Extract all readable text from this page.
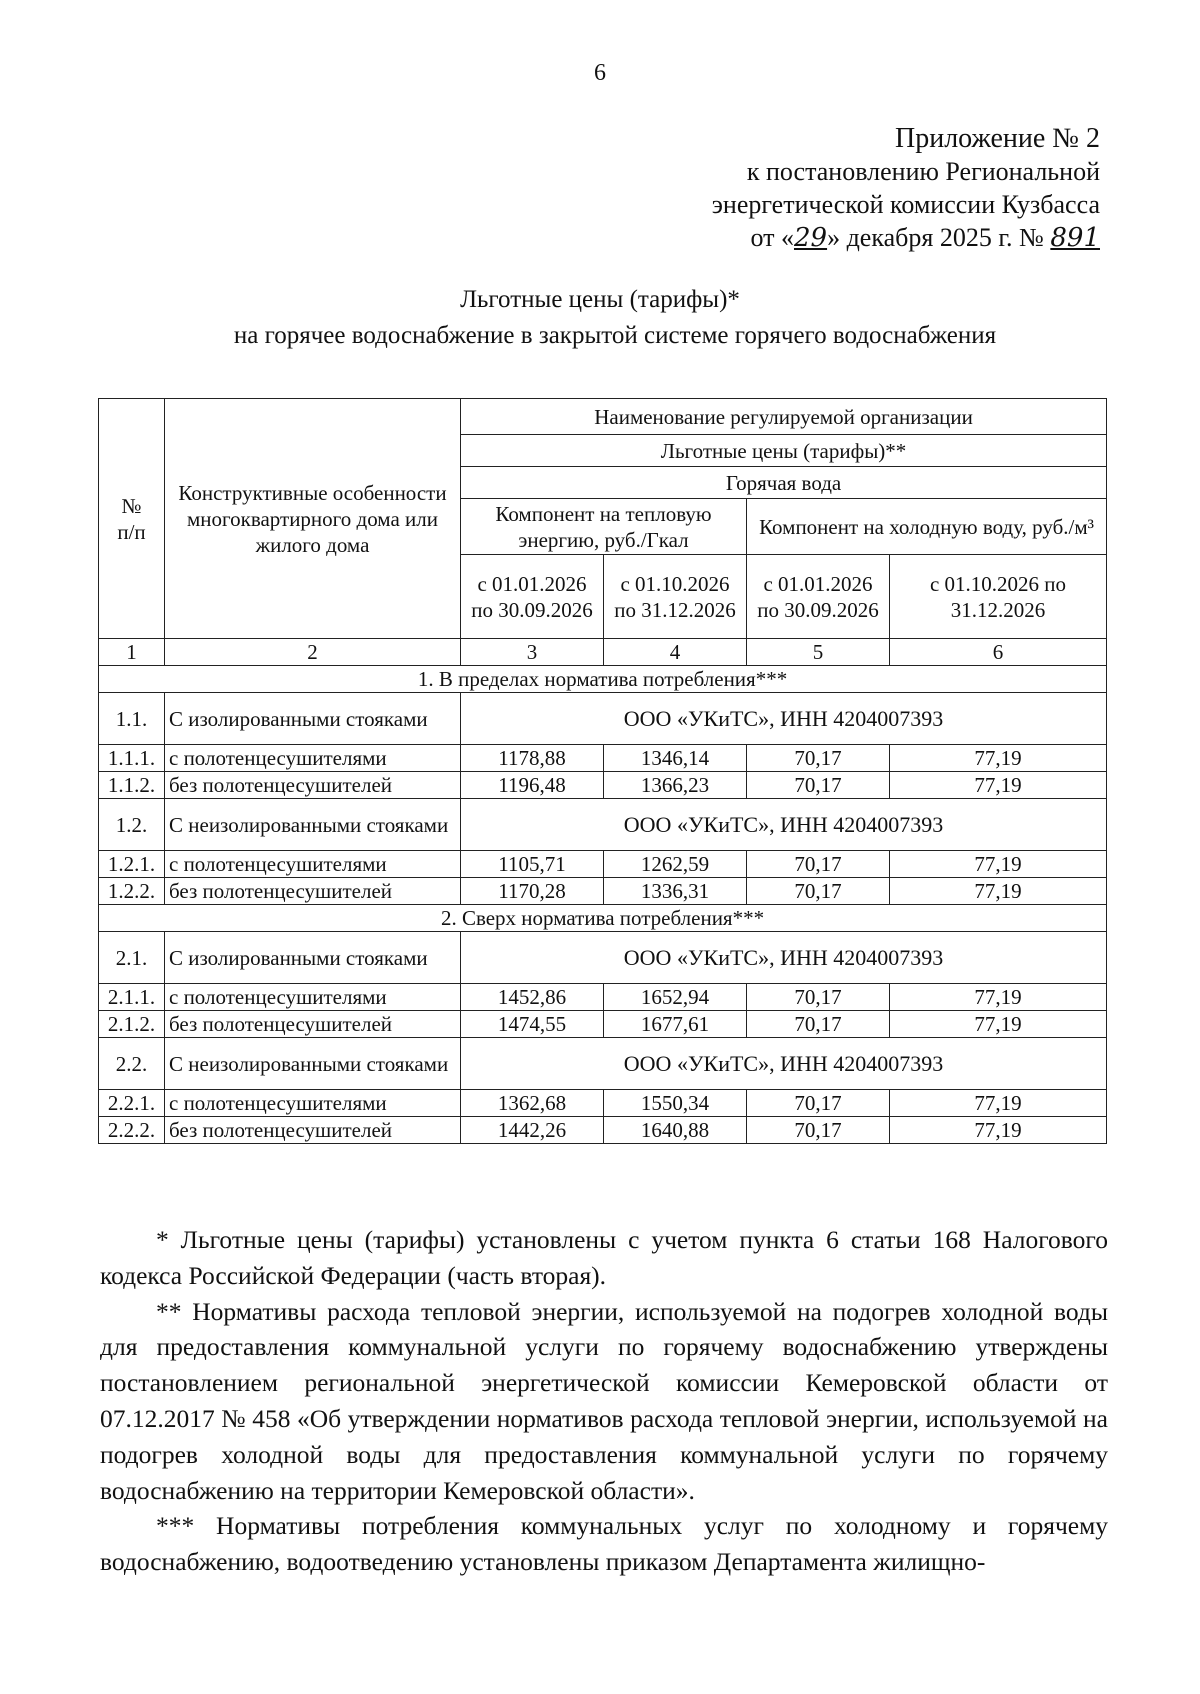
6
Приложение № 2
к постановлению Региональной
энергетической комиссии Кузбасса
от «29» декабря 2025 г. № 891
Льготные цены (тарифы)*
на горячее водоснабжение в закрытой системе горячего водоснабжения
№ п/п	Конструктивные особенности многоквартирного дома или жилого дома	Наименование регулируемой организации			
		Льготные цены (тарифы)**			
		Горячая вода			
		Компонент на тепловую энергию, руб./Гкал		Компонент на холодную воду, руб./м³	
		с 01.01.2026 по 30.09.2026	с 01.10.2026 по 31.12.2026	с 01.01.2026 по 30.09.2026	с 01.10.2026 по 31.12.2026
1	2	3	4	5	6
1. В пределах норматива потребления***					
1.1.	С изолированными стояками	ООО «УКиТС», ИНН 4204007393			
1.1.1.	с полотенцесушителями	1178,88	1346,14	70,17	77,19
1.1.2.	без полотенцесушителей	1196,48	1366,23	70,17	77,19
1.2.	С неизолированными стояками	ООО «УКиТС», ИНН 4204007393			
1.2.1.	с полотенцесушителями	1105,71	1262,59	70,17	77,19
1.2.2.	без полотенцесушителей	1170,28	1336,31	70,17	77,19
2. Сверх норматива потребления***					
2.1.	С изолированными стояками	ООО «УКиТС», ИНН 4204007393			
2.1.1.	с полотенцесушителями	1452,86	1652,94	70,17	77,19
2.1.2.	без полотенцесушителей	1474,55	1677,61	70,17	77,19
2.2.	С неизолированными стояками	ООО «УКиТС», ИНН 4204007393			
2.2.1.	с полотенцесушителями	1362,68	1550,34	70,17	77,19
2.2.2.	без полотенцесушителей	1442,26	1640,88	70,17	77,19

* Льготные цены (тарифы) установлены с учетом пункта 6 статьи 168 Налогового кодекса Российской Федерации (часть вторая).

** Нормативы расхода тепловой энергии, используемой на подогрев холодной воды для предоставления коммунальной услуги по горячему водоснабжению утверждены постановлением региональной энергетической комиссии Кемеровской области от 07.12.2017 № 458 «Об утверждении нормативов расхода тепловой энергии, используемой на подогрев холодной воды для предоставления коммунальной услуги по горячему водоснабжению на территории Кемеровской области».

*** Нормативы потребления коммунальных услуг по холодному и горячему водоснабжению, водоотведению установлены приказом Департамента жилищно-
